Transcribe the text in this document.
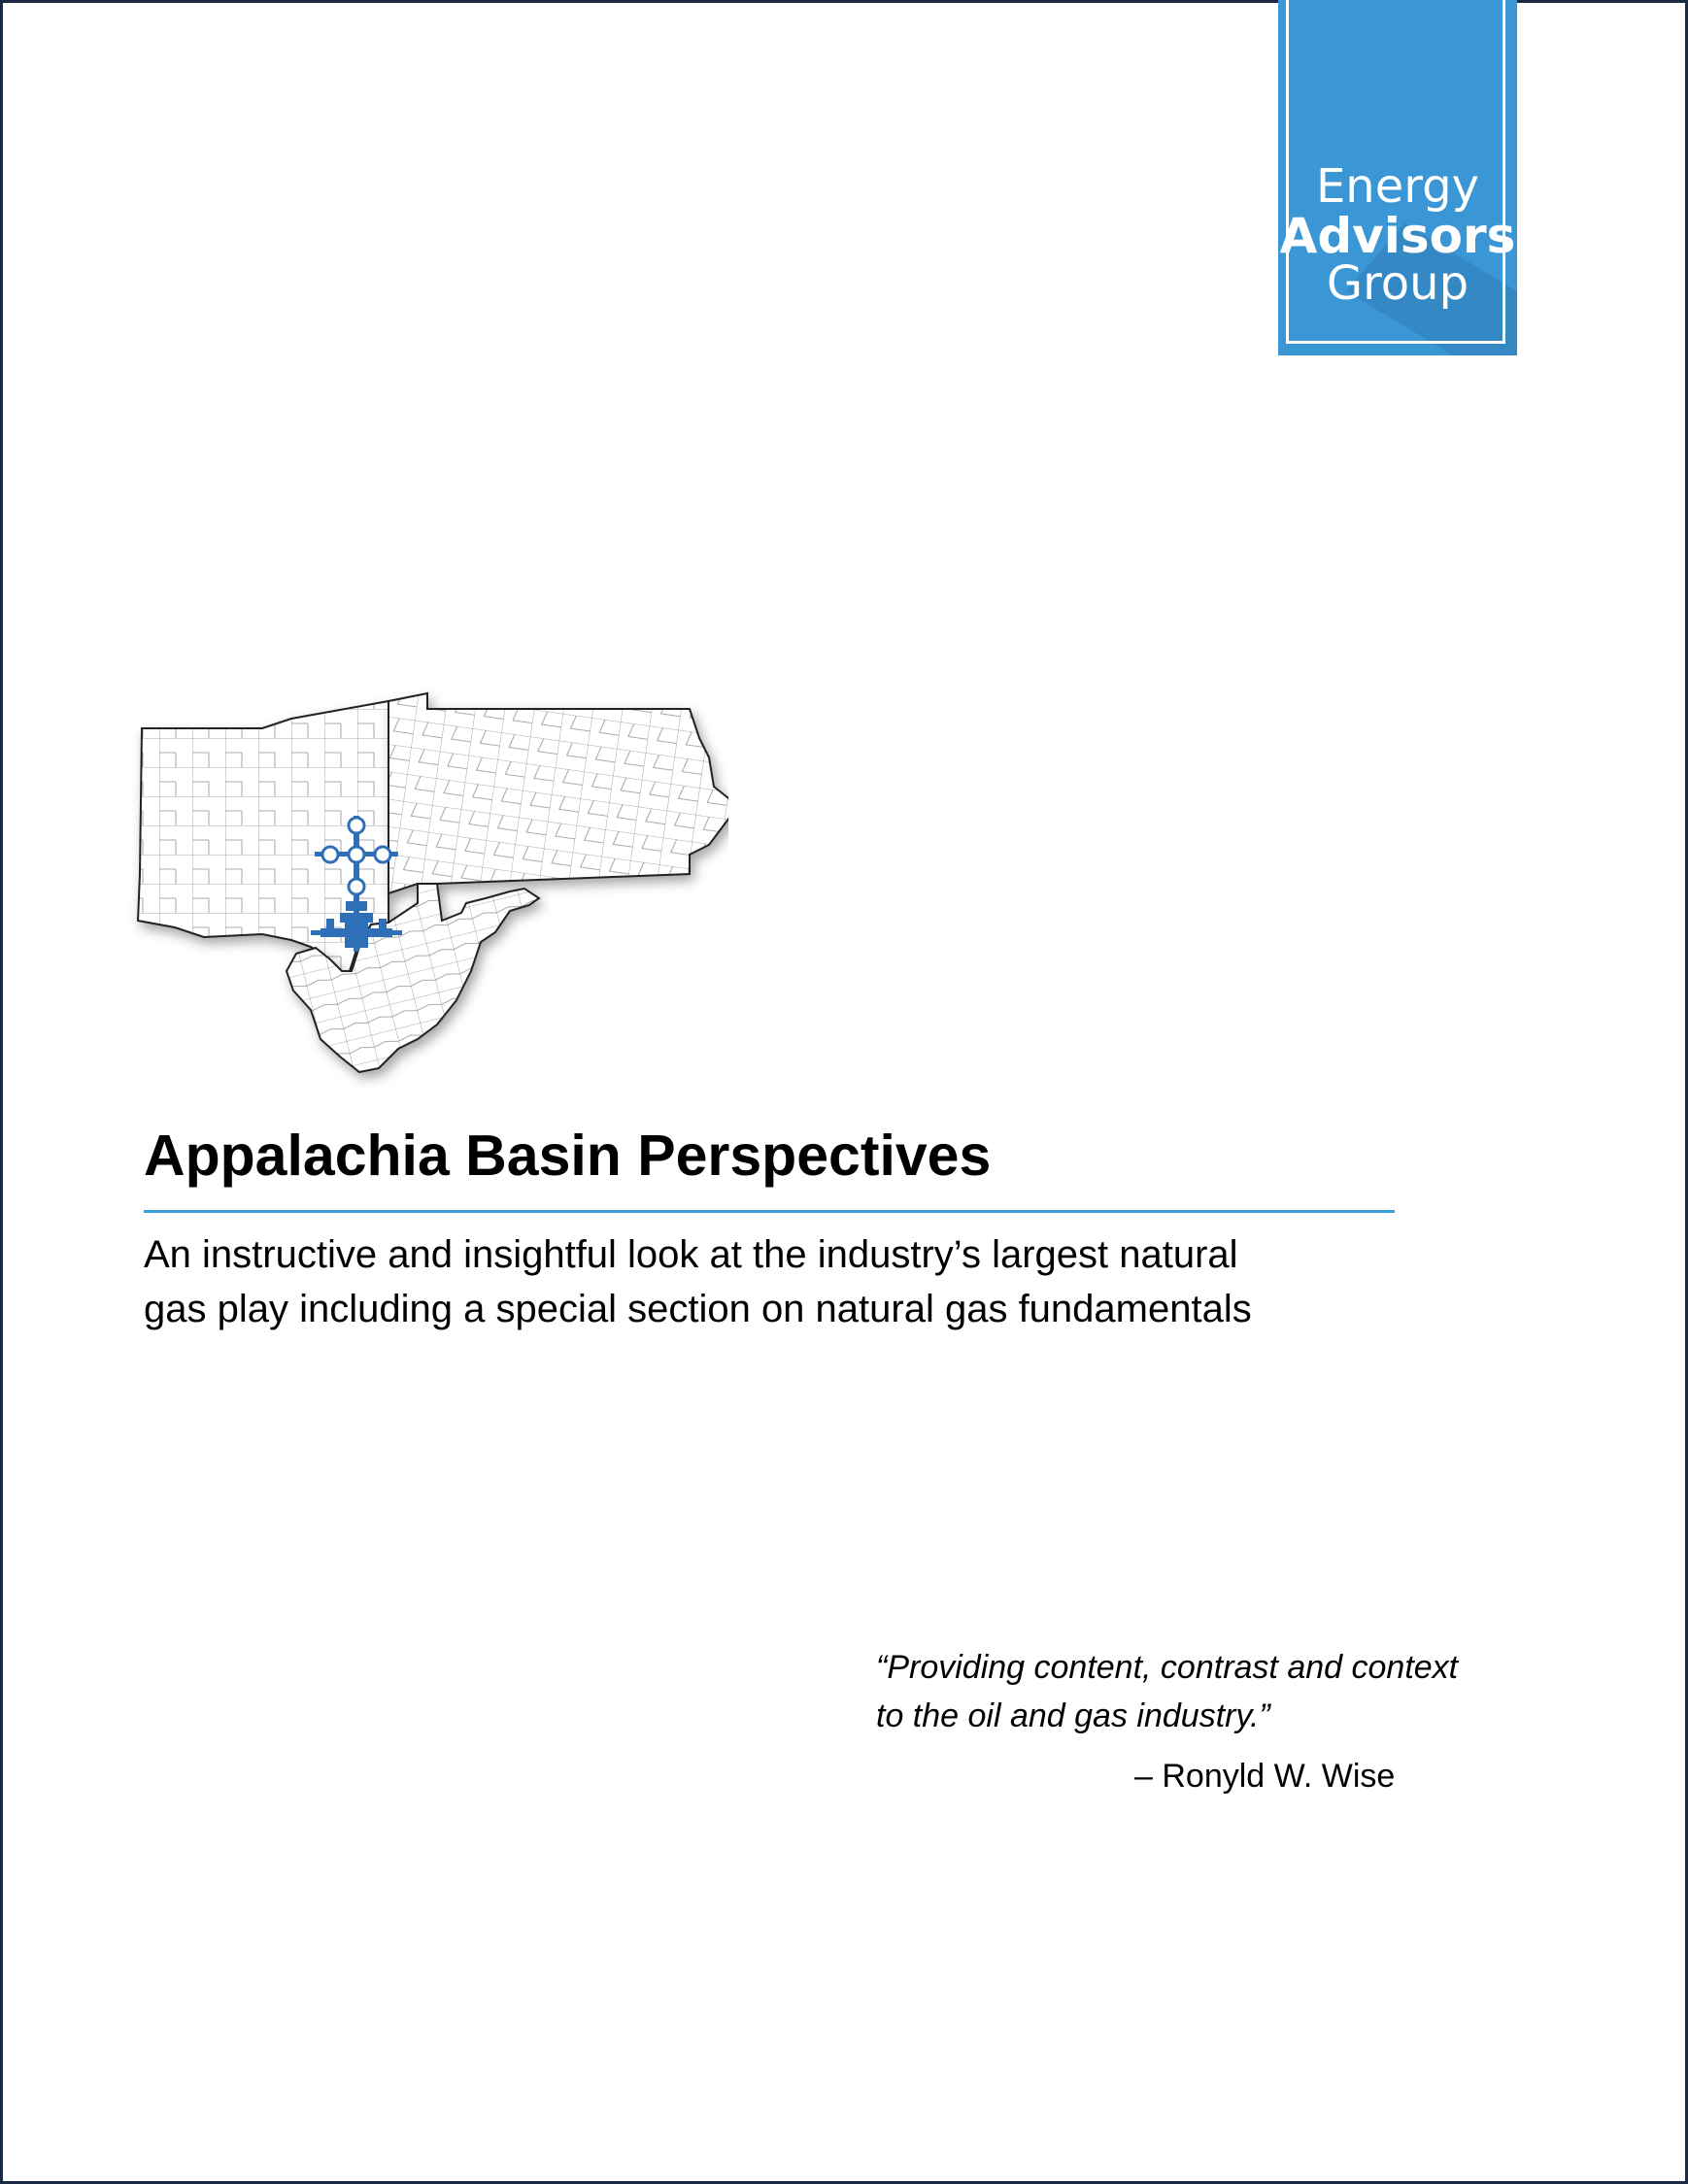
Energy
Advisors
Group
Appalachia Basin Perspectives

An instructive and insightful look at the industry’s largest natural
gas play including a special section on natural gas fundamentals

“Providing content, contrast and context
to the oil and gas industry.”
– Ronyld W. Wise
